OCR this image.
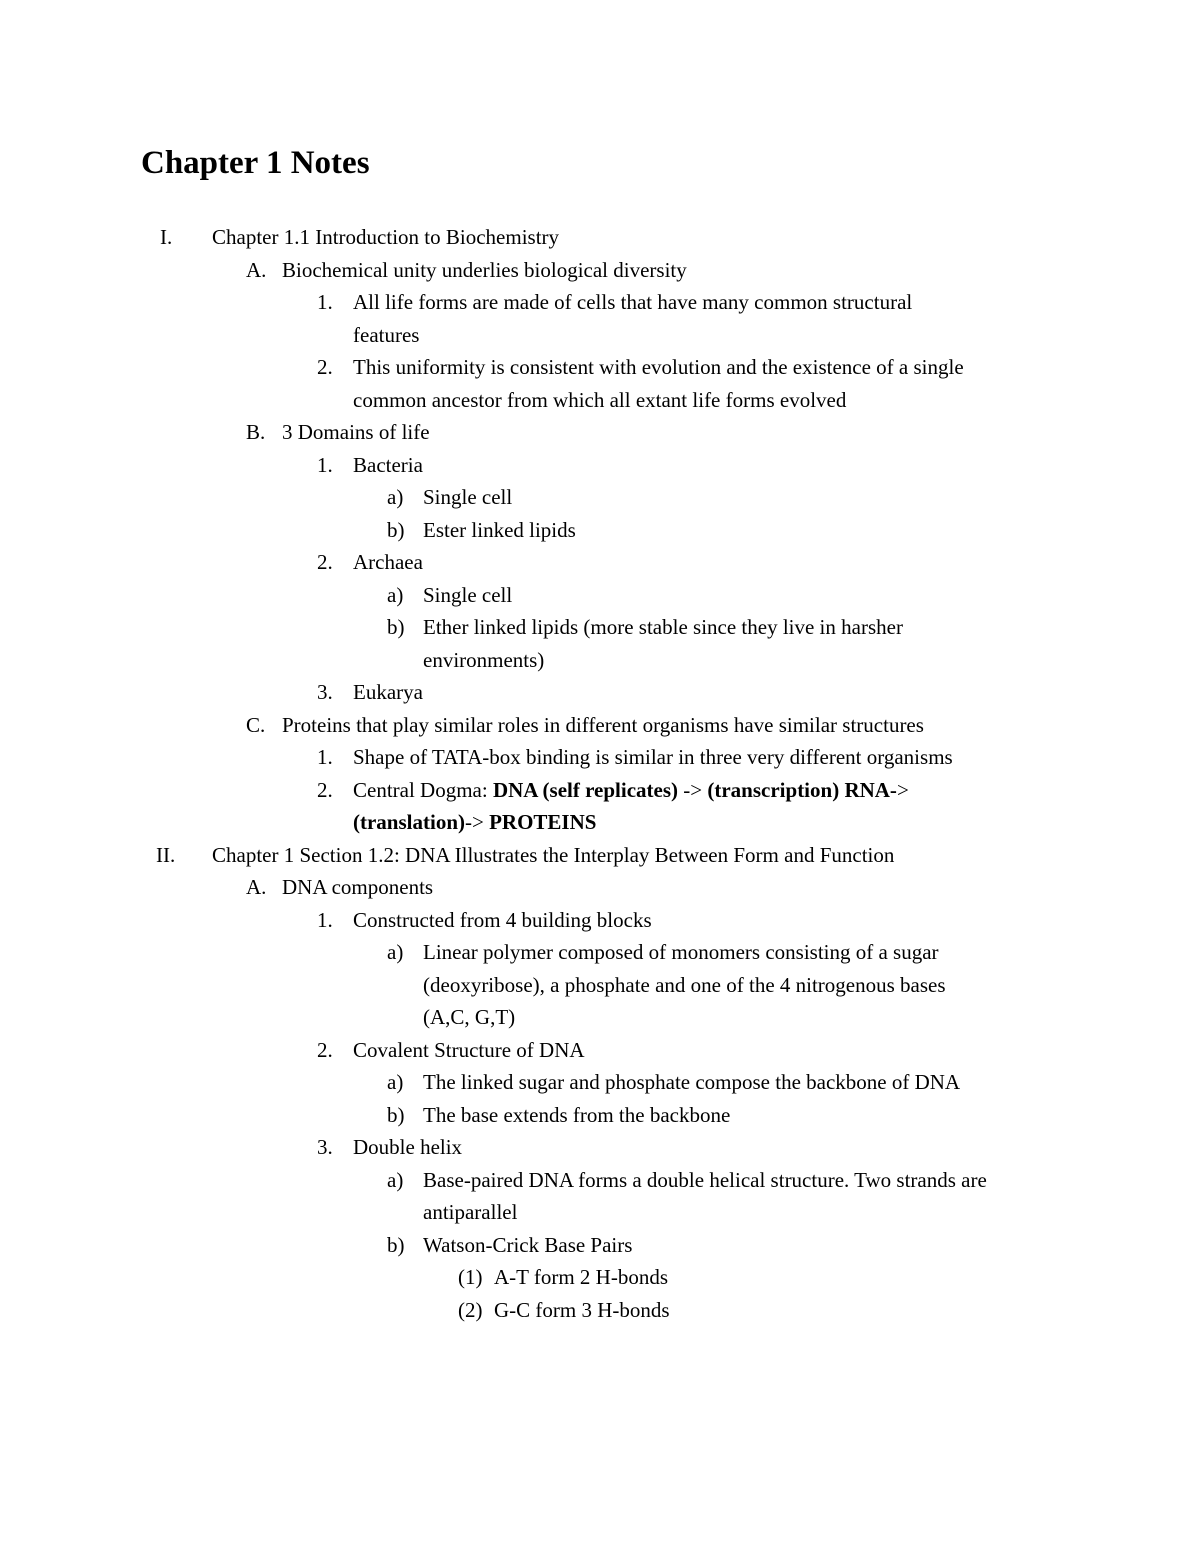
Chapter 1 Notes
I. Chapter 1.1 Introduction to Biochemistry
A. Biochemical unity underlies biological diversity
1. All life forms are made of cells that have many common structural
features
2. This uniformity is consistent with evolution and the existence of a single
common ancestor from which all extant life forms evolved
B. 3 Domains of life
1. Bacteria
a) Single cell
b) Ester linked lipids
2. Archaea
a) Single cell
b) Ether linked lipids (more stable since they live in harsher
environments)
3. Eukarya
C. Proteins that play similar roles in different organisms have similar structures
1. Shape of TATA-box binding is similar in three very different organisms
2. Central Dogma: DNA (self replicates) -> (transcription) RNA->
(translation)-> PROTEINS
II. Chapter 1 Section 1.2: DNA Illustrates the Interplay Between Form and Function
A. DNA components
1. Constructed from 4 building blocks
a) Linear polymer composed of monomers consisting of a sugar
(deoxyribose), a phosphate and one of the 4 nitrogenous bases
(A,C, G,T)
2. Covalent Structure of DNA
a) The linked sugar and phosphate compose the backbone of DNA
b) The base extends from the backbone
3. Double helix
a) Base-paired DNA forms a double helical structure. Two strands are
antiparallel
b) Watson-Crick Base Pairs
(1) A-T form 2 H-bonds
(2) G-C form 3 H-bonds
